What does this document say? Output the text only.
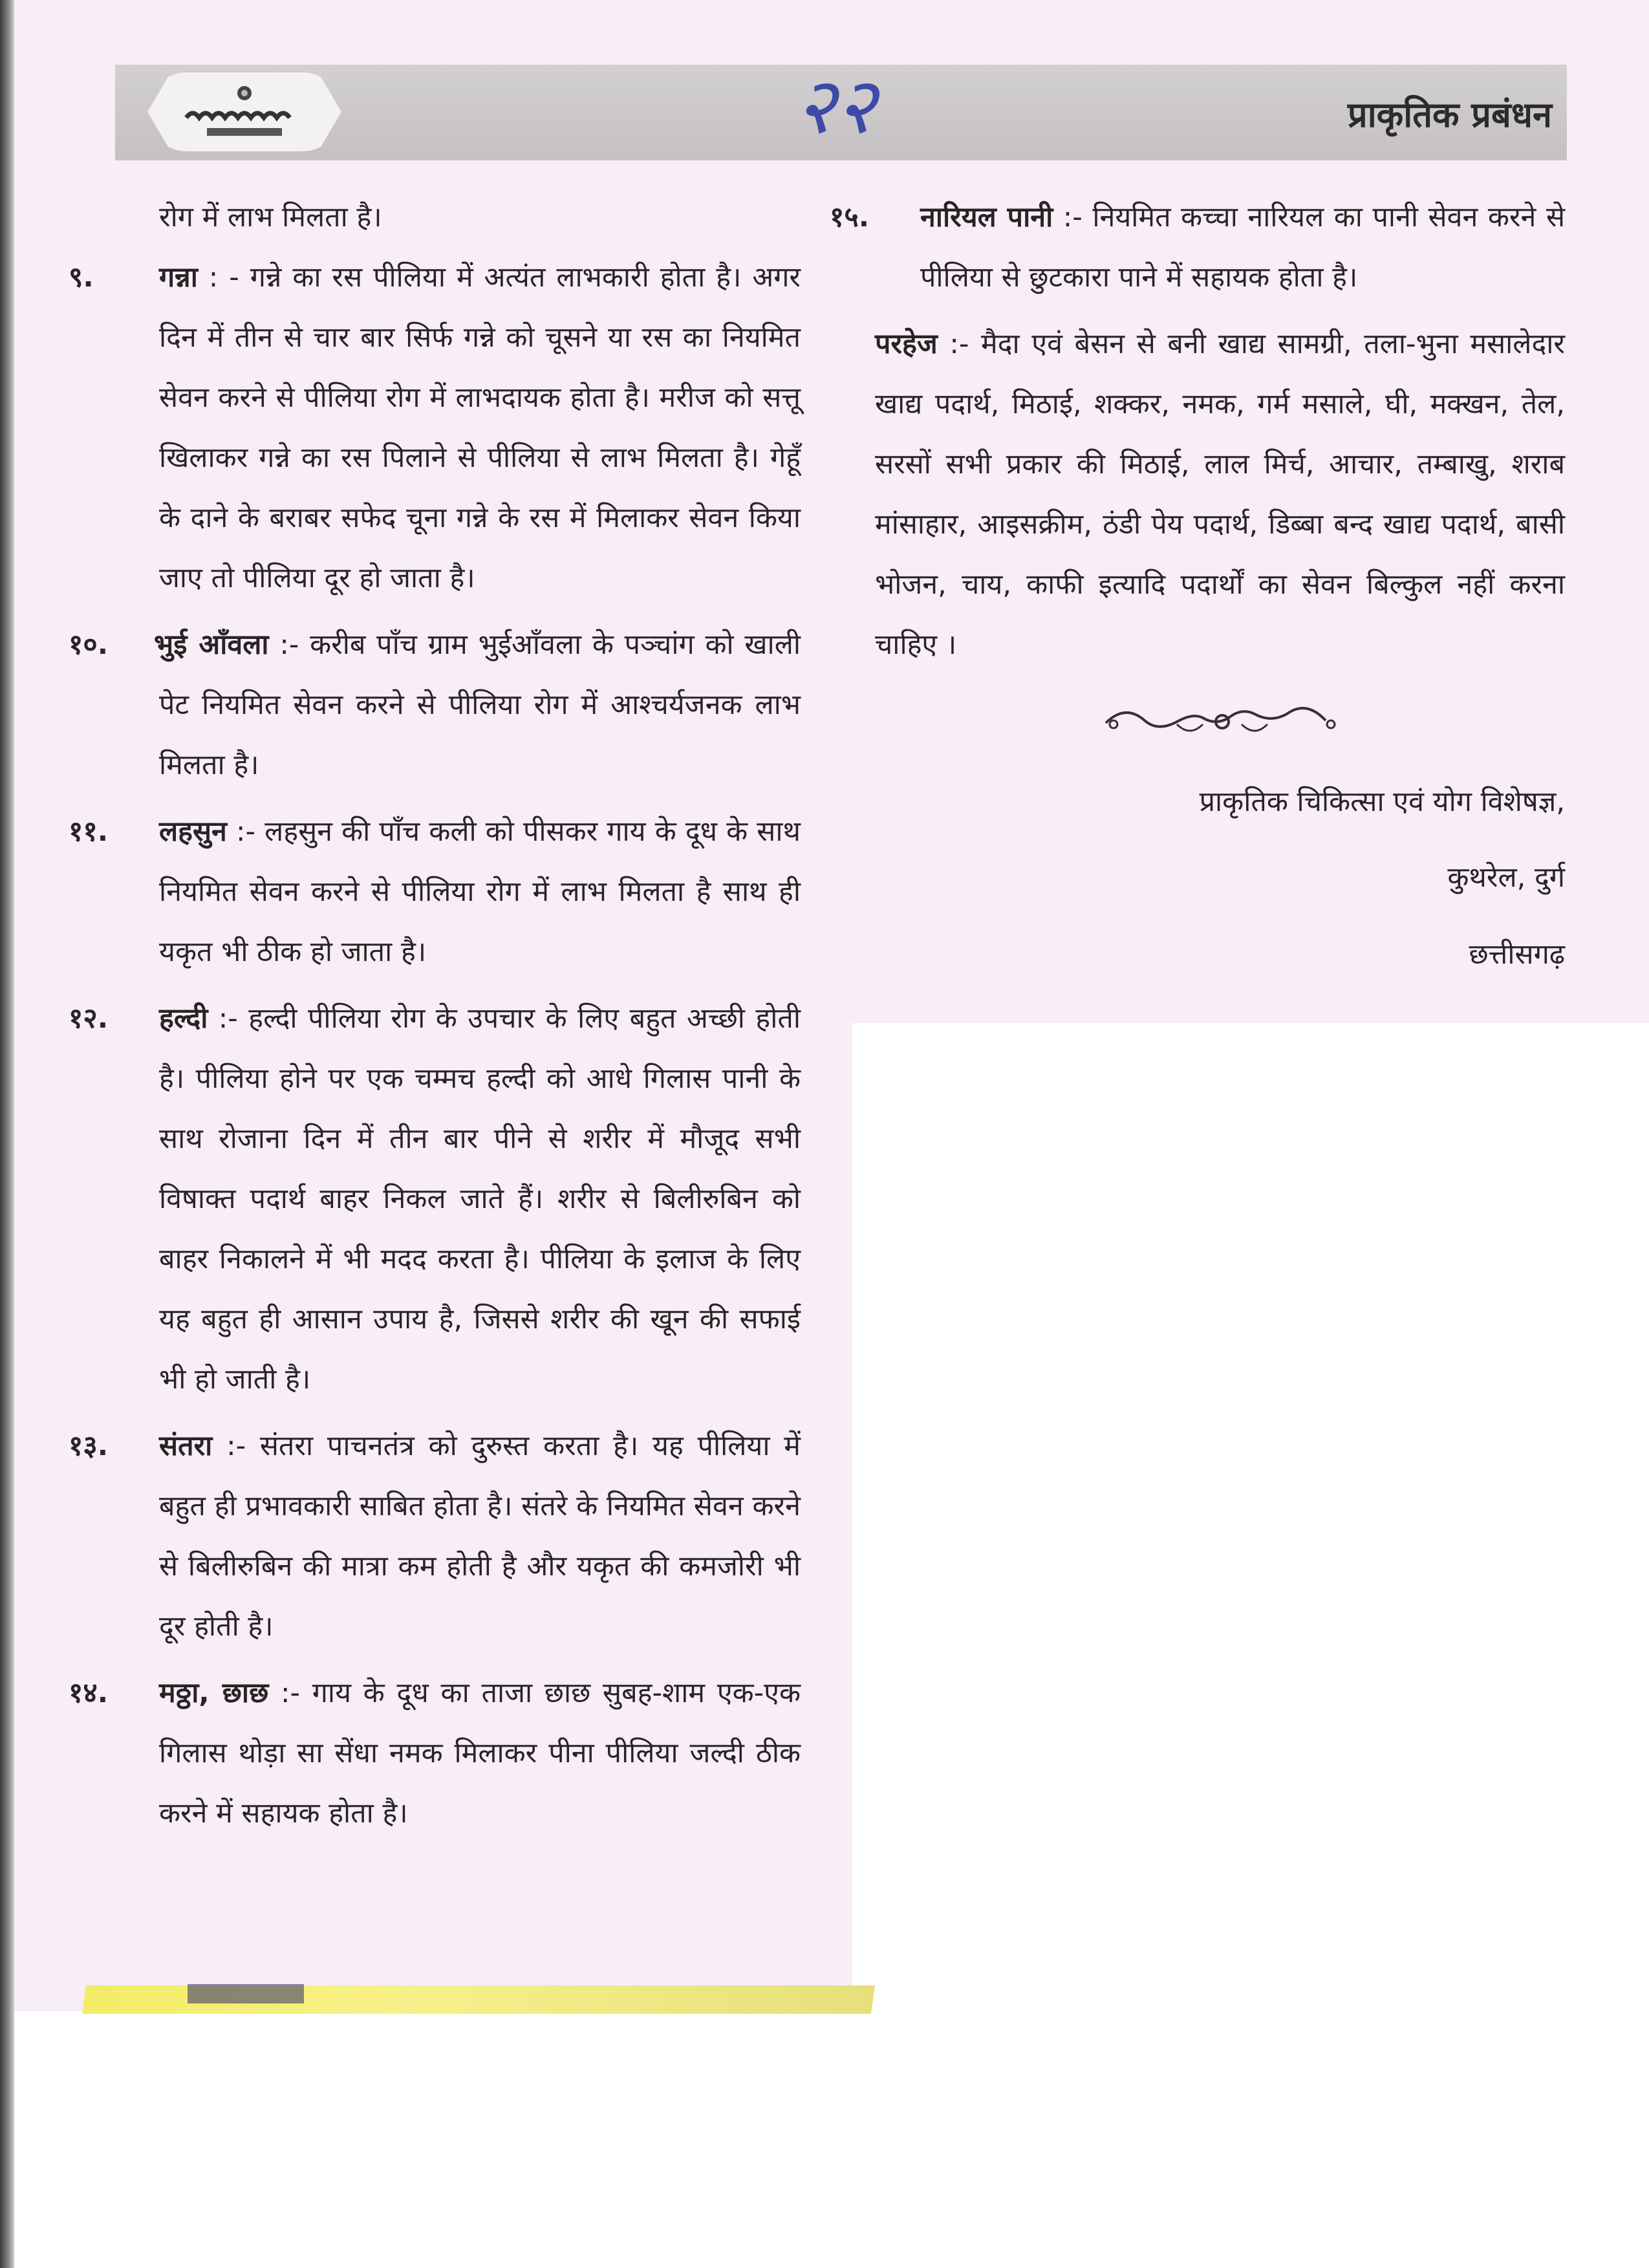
२२	प्राकृतिक प्रबंधन
रोग में लाभ मिलता है।
९. गन्ना : - गन्ने का रस पीलिया में अत्यंत लाभकारी होता है। अगर दिन में तीन से चार बार सिर्फ गन्ने को चूसने या रस का नियमित सेवन करने से पीलिया रोग में लाभदायक होता है। मरीज को सत्तू खिलाकर गन्ने का रस पिलाने से पीलिया से लाभ मिलता है। गेहूँ के दाने के बराबर सफेद चूना गन्ने के रस में मिलाकर सेवन किया जाए तो पीलिया दूर हो जाता है।
१०. भुई आँवला :- करीब पाँच ग्राम भुईआँवला के पञ्चांग को खाली पेट नियमित सेवन करने से पीलिया रोग में आश्चर्यजनक लाभ मिलता है।
११. लहसुन :- लहसुन की पाँच कली को पीसकर गाय के दूध के साथ नियमित सेवन करने से पीलिया रोग में लाभ मिलता है साथ ही यकृत भी ठीक हो जाता है।
१२. हल्दी :- हल्दी पीलिया रोग के उपचार के लिए बहुत अच्छी होती है। पीलिया होने पर एक चम्मच हल्दी को आधे गिलास पानी के साथ रोजाना दिन में तीन बार पीने से शरीर में मौजूद सभी विषाक्त पदार्थ बाहर निकल जाते हैं। शरीर से बिलीरुबिन को बाहर निकालने में भी मदद करता है। पीलिया के इलाज के लिए यह बहुत ही आसान उपाय है, जिससे शरीर की खून की सफाई भी हो जाती है।
१३. संतरा :- संतरा पाचनतंत्र को दुरुस्त करता है। यह पीलिया में बहुत ही प्रभावकारी साबित होता है। संतरे के नियमित सेवन करने से बिलीरुबिन की मात्रा कम होती है और यकृत की कमजोरी भी दूर होती है।
१४. मठ्ठा, छाछ :- गाय के दूध का ताजा छाछ सुबह-शाम एक-एक गिलास थोड़ा सा सेंधा नमक मिलाकर पीना पीलिया जल्दी ठीक करने में सहायक होता है।
१५. नारियल पानी :- नियमित कच्चा नारियल का पानी सेवन करने से पीलिया से छुटकारा पाने में सहायक होता है।
परहेज :- मैदा एवं बेसन से बनी खाद्य सामग्री, तला-भुना मसालेदार खाद्य पदार्थ, मिठाई, शक्कर, नमक, गर्म मसाले, घी, मक्खन, तेल, सरसों सभी प्रकार की मिठाई, लाल मिर्च, आचार, तम्बाखु, शराब मांसाहार, आइसक्रीम, ठंडी पेय पदार्थ, डिब्बा बन्द खाद्य पदार्थ, बासी भोजन, चाय, काफी इत्यादि पदार्थों का सेवन बिल्कुल नहीं करना चाहिए ।
प्राकृतिक चिकित्सा एवं योग विशेषज्ञ,
कुथरेल, दुर्ग
छत्तीसगढ़
